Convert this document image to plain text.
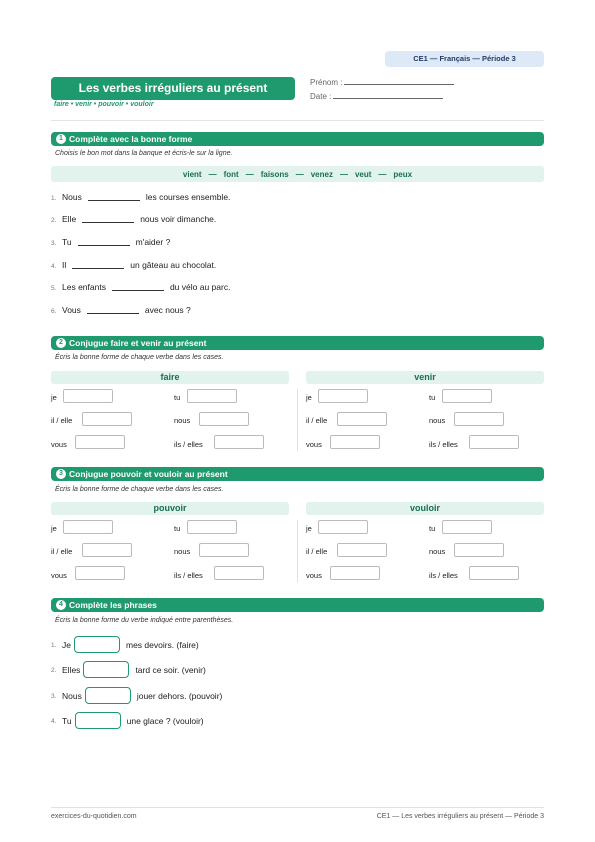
CE1 — Français — Période 3
Les verbes irréguliers au présent
faire • venir • pouvoir • vouloir
Prénom :
Date :
1 Complète avec la bonne forme
Choisis le bon mot dans la banque et écris-le sur la ligne.
vient — font — faisons — venez — veut — peux
1. Nous	les courses ensemble.
2. Elle	nous voir dimanche.
3. Tu	m'aider ?
4. Il	un gâteau au chocolat.
5. Les enfants	du vélo au parc.
6. Vous	avec nous ?
2 Conjugue faire et venir au présent
Écris la bonne forme de chaque verbe dans les cases.
faire	venir
je	tu
il / elle	nous
vous	ils / elles
je	tu
il / elle	nous
vous	ils / elles
3 Conjugue pouvoir et vouloir au présent
Écris la bonne forme de chaque verbe dans les cases.
pouvoir	vouloir
je	tu
il / elle	nous
vous	ils / elles
je	tu
il / elle	nous
vous	ils / elles
4 Complète les phrases
Écris la bonne forme du verbe indiqué entre parenthèses.
1. Je	mes devoirs. (faire)
2. Elles	tard ce soir. (venir)
3. Nous	jouer dehors. (pouvoir)
4. Tu	une glace ? (vouloir)
exercices-du-quotidien.com	CE1 — Les verbes irréguliers au présent — Période 3
